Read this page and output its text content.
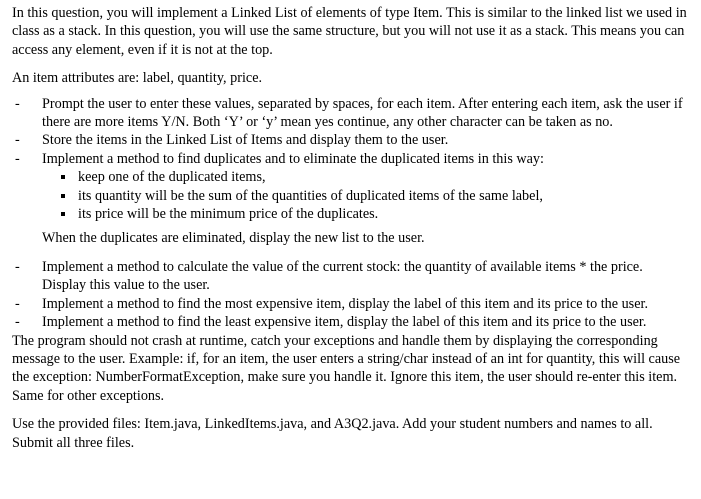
In this question, you will implement a Linked List of elements of type Item. This is similar to the linked list we used in class as a stack. In this question, you will use the same structure, but you will not use it as a stack. This means you can access any element, even if it is not at the top.

An item attributes are: label, quantity, price.

- Prompt the user to enter these values, separated by spaces, for each item. After entering each item, ask the user if there are more items Y/N. Both ‘Y’ or ‘y’ mean yes continue, any other character can be taken as no.
- Store the items in the Linked List of Items and display them to the user.
- Implement a method to find duplicates and to eliminate the duplicated items in this way:
keep one of the duplicated items,
its quantity will be the sum of the quantities of duplicated items of the same label,
its price will be the minimum price of the duplicates.

When the duplicates are eliminated, display the new list to the user.

- Implement a method to calculate the value of the current stock: the quantity of available items * the price. Display this value to the user.
- Implement a method to find the most expensive item, display the label of this item and its price to the user.
- Implement a method to find the least expensive item, display the label of this item and its price to the user.

The program should not crash at runtime, catch your exceptions and handle them by displaying the corresponding message to the user. Example: if, for an item, the user enters a string/char instead of an int for quantity, this will cause the exception: NumberFormatException, make sure you handle it. Ignore this item, the user should re-enter this item. Same for other exceptions.

Use the provided files: Item.java, LinkedItems.java, and A3Q2.java. Add your student numbers and names to all. Submit all three files.
